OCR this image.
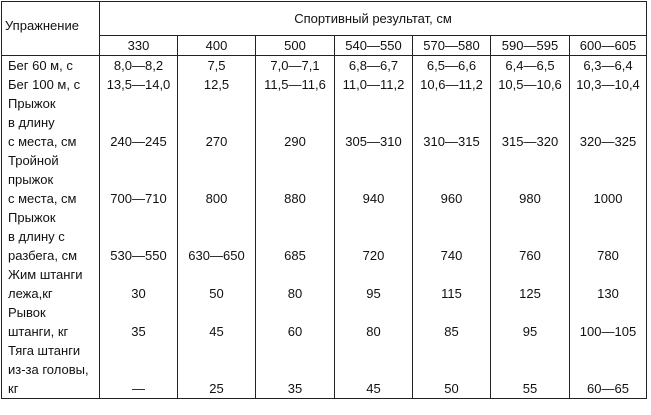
Упражнение	Спортивный результат, см						
	330	400	500	540—550	570—580	590—595	600—605

Бег 60 м, с	8,0—8,2	7,5	7,0—7,1	6,8—6,7	6,5—6,6	6,4—6,5	6,3—6,4

Бег 100 м, с	13,5—14,0	12,5	11,5—11,6	11,0—11,2	10,6—11,2	10,5—10,6	10,3—10,4

Прыжок
в длину
с места, см	240—245	270	290	305—310	310—315	315—320	320—325

Тройной
прыжок
с места, см	700—710	800	880	940	960	980	1000

Прыжок
в длину с
разбега, см	530—550	630—650	685	720	740	760	780

Жим штанги
лежа,кг	30	50	80	95	115	125	130

Рывок
штанги, кг	35	45	60	80	85	95	100—105

Тяга штанги
из-за головы,
кг	—	25	35	45	50	55	60—65
